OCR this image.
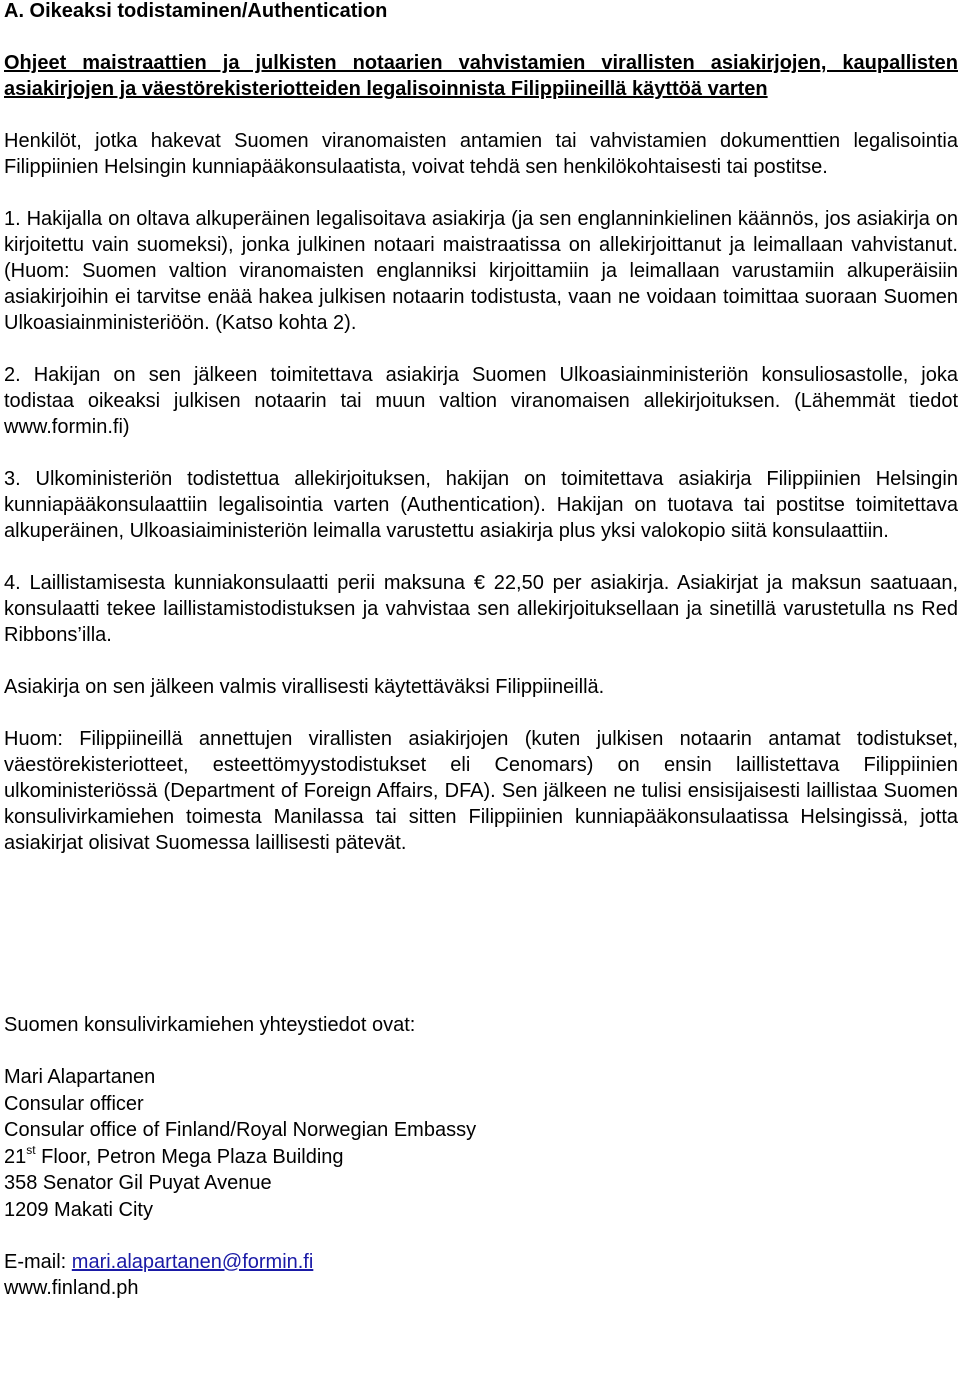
A. Oikeaksi todistaminen/Authentication
Ohjeet maistraattien ja julkisten notaarien vahvistamien virallisten asiakirjojen, kaupallisten asiakirjojen ja väestörekisteriotteiden legalisoinnista Filippiineillä käyttöä varten

Henkilöt, jotka hakevat Suomen viranomaisten antamien tai vahvistamien dokumenttien legalisointia Filippiinien Helsingin kunniapääkonsulaatista, voivat tehdä sen henkilökohtaisesti tai postitse.

1. Hakijalla on oltava alkuperäinen legalisoitava asiakirja (ja sen englanninkielinen käännös, jos asiakirja on kirjoitettu vain suomeksi), jonka julkinen notaari maistraatissa on allekirjoittanut ja leimallaan vahvistanut. (Huom: Suomen valtion viranomaisten englanniksi kirjoittamiin ja leimallaan varustamiin alkuperäisiin asiakirjoihin ei tarvitse enää hakea julkisen notaarin todistusta, vaan ne voidaan toimittaa suoraan Suomen Ulkoasiainministeriöön. (Katso kohta 2).

2. Hakijan on sen jälkeen toimitettava asiakirja Suomen Ulkoasiainministeriön konsuliosastolle, joka todistaa oikeaksi julkisen notaarin tai muun valtion viranomaisen allekirjoituksen. (Lähemmät tiedot www.formin.fi)

3. Ulkoministeriön todistettua allekirjoituksen, hakijan on toimitettava asiakirja Filippiinien Helsingin kunniapääkonsulaattiin legalisointia varten (Authentication). Hakijan on tuotava tai postitse toimitettava alkuperäinen, Ulkoasiaiministeriön leimalla varustettu asiakirja plus yksi valokopio siitä konsulaattiin.

4. Laillistamisesta kunniakonsulaatti perii maksuna € 22,50 per asiakirja. Asiakirjat ja maksun saatuaan, konsulaatti tekee laillistamistodistuksen ja vahvistaa sen allekirjoituksellaan ja sinetillä varustetulla ns Red Ribbons’illa.

Asiakirja on sen jälkeen valmis virallisesti käytettäväksi Filippiineillä.

Huom: Filippiineillä annettujen virallisten asiakirjojen (kuten julkisen notaarin antamat todistukset, väestörekisteriotteet, esteettömyystodistukset eli Cenomars) on ensin laillistettava Filippiinien ulkoministeriössä (Department of Foreign Affairs, DFA). Sen jälkeen ne tulisi ensisijaisesti laillistaa Suomen konsulivirkamiehen toimesta Manilassa tai sitten Filippiinien kunniapääkonsulaatissa Helsingissä, jotta asiakirjat olisivat Suomessa laillisesti pätevät.

Suomen konsulivirkamiehen yhteystiedot ovat:

Mari Alapartanen
Consular officer
Consular office of Finland/Royal Norwegian Embassy
21st Floor, Petron Mega Plaza Building
358 Senator Gil Puyat Avenue
1209 Makati City
E-mail: mari.alapartanen@formin.fi
www.finland.ph
